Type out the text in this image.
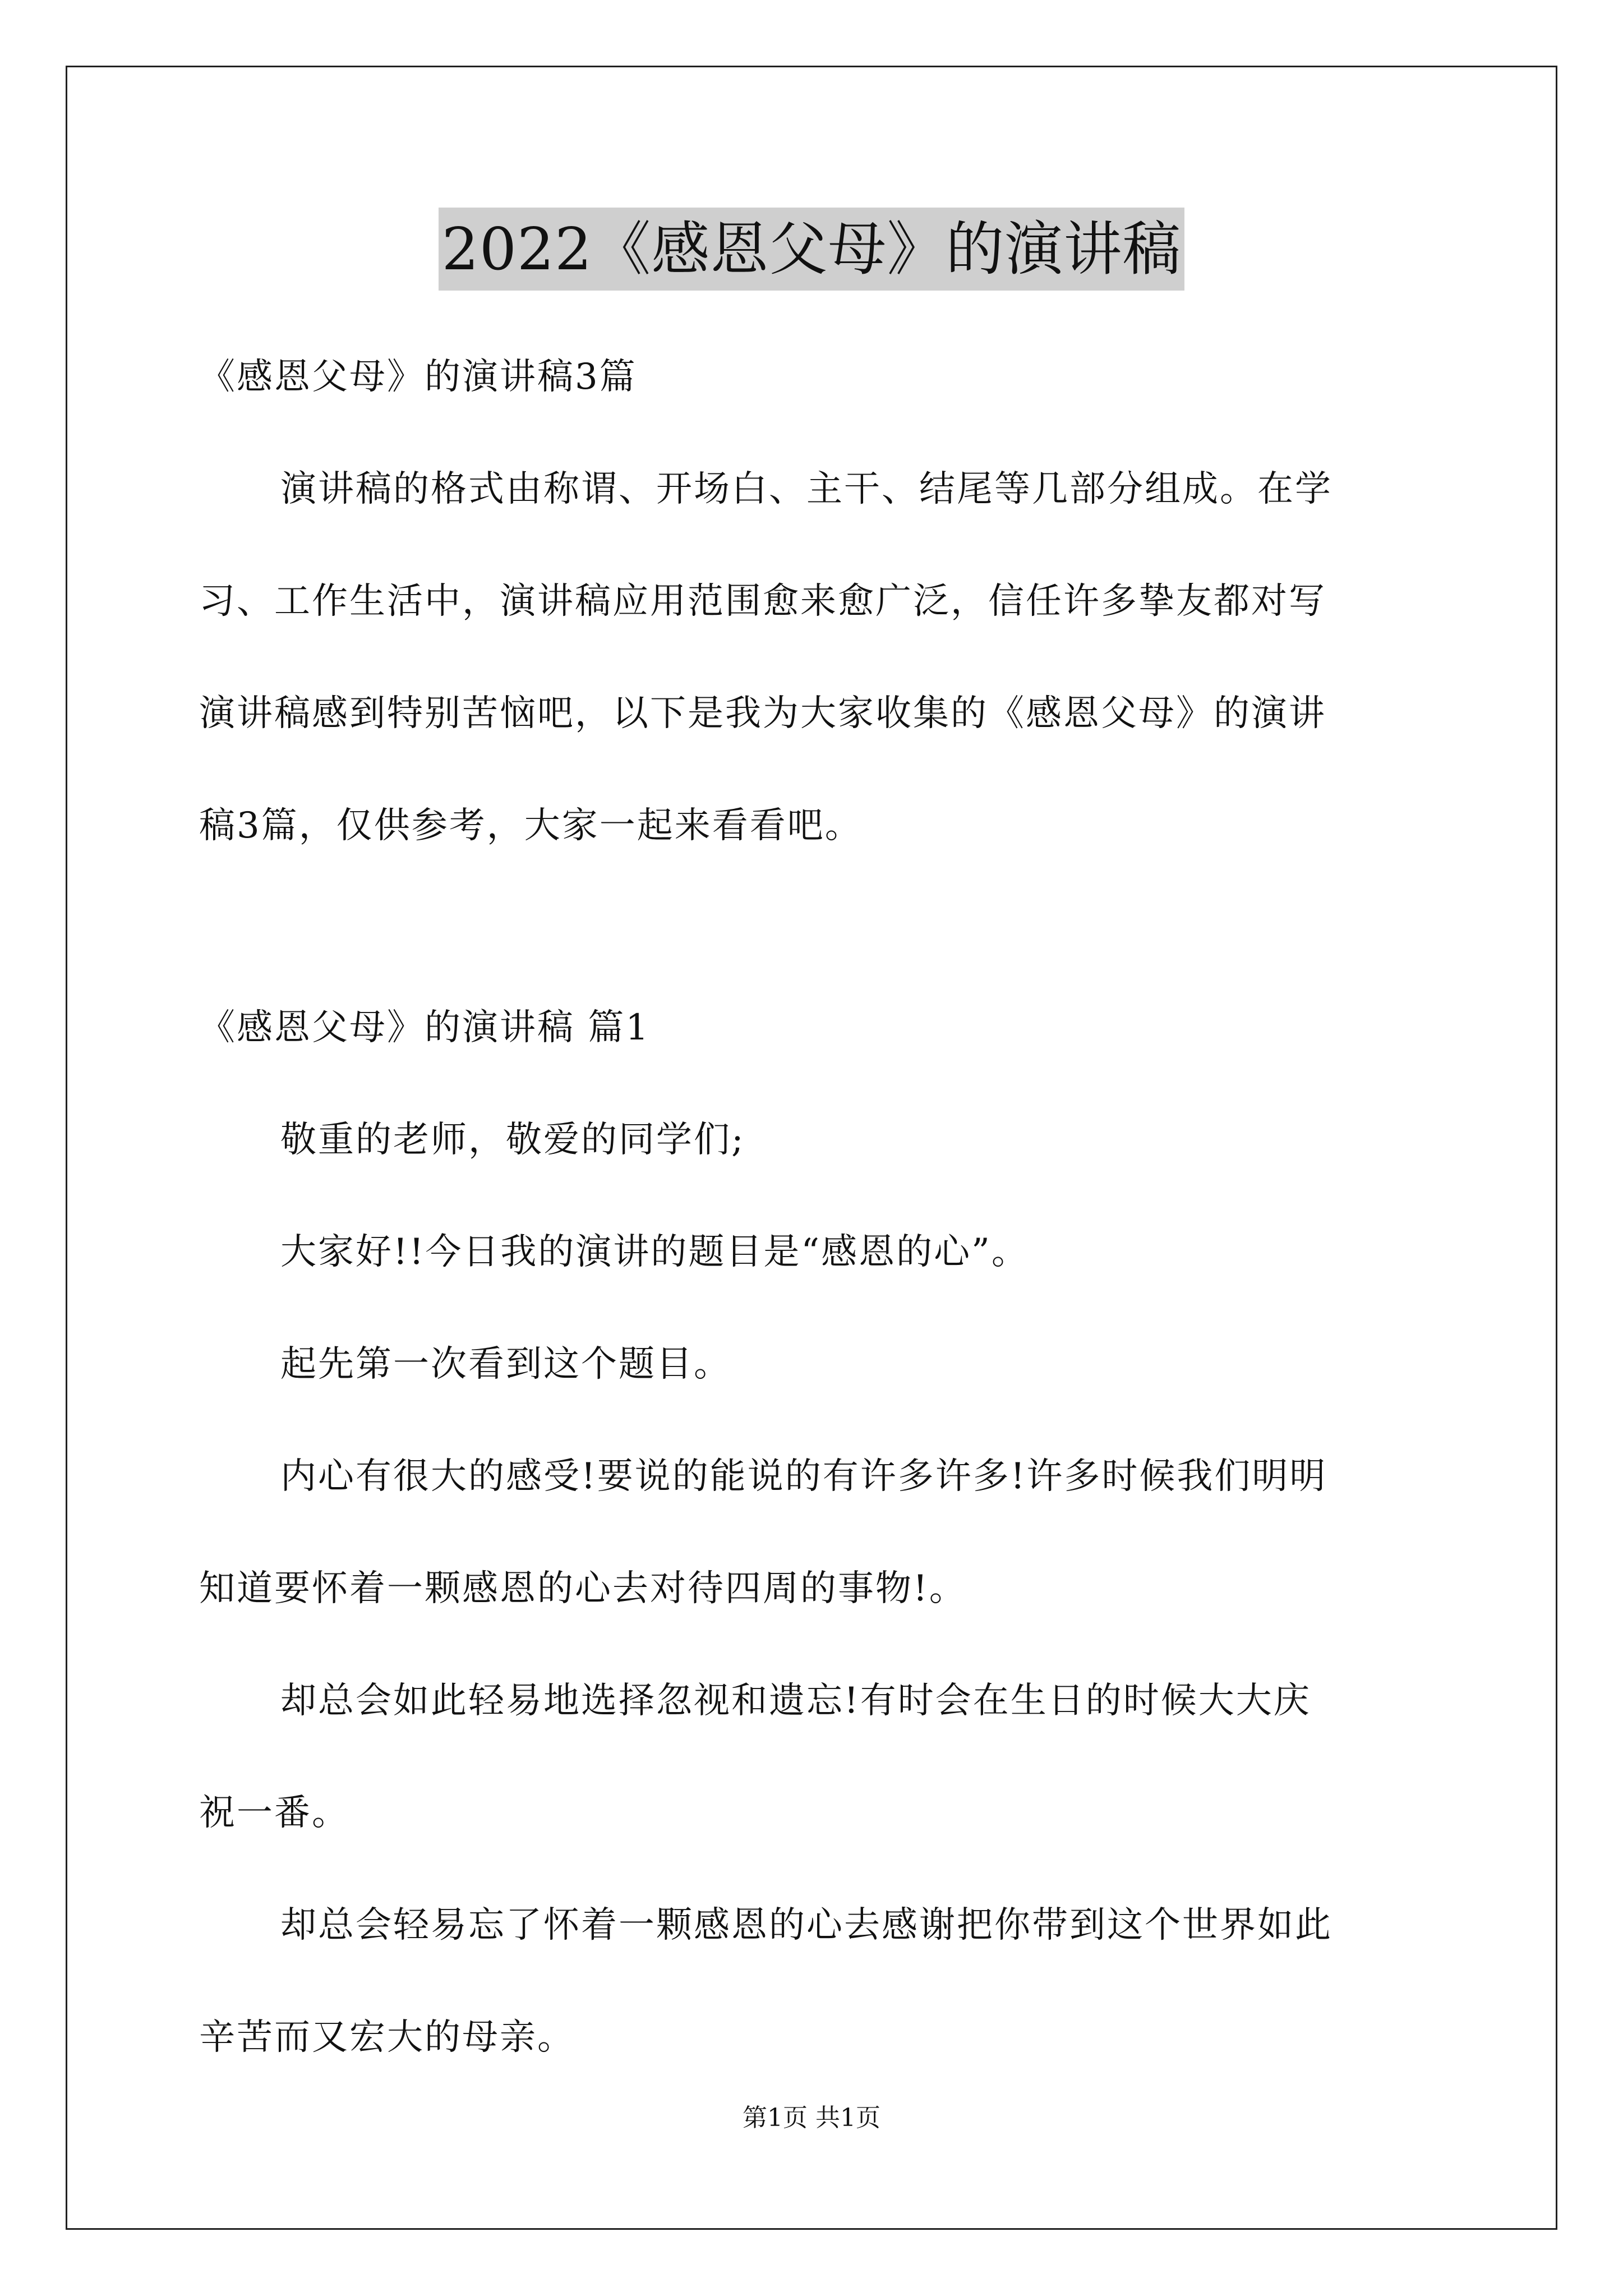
2022《感恩父母》的演讲稿
《感恩父母》的演讲稿3篇
演讲稿的格式由称谓、开场白、主干、结尾等几部分组成。在学
习、工作生活中，演讲稿应用范围愈来愈广泛，信任许多挚友都对写
演讲稿感到特别苦恼吧，以下是我为大家收集的《感恩父母》的演讲
稿3篇，仅供参考，大家一起来看看吧。
《感恩父母》的演讲稿 篇1
敬重的老师，敬爱的同学们;
大家好!!今日我的演讲的题目是“感恩的心”。
起先第一次看到这个题目。
内心有很大的感受!要说的能说的有许多许多!许多时候我们明明
知道要怀着一颗感恩的心去对待四周的事物!。
却总会如此轻易地选择忽视和遗忘!有时会在生日的时候大大庆
祝一番。
却总会轻易忘了怀着一颗感恩的心去感谢把你带到这个世界如此
辛苦而又宏大的母亲。
第1页 共1页
